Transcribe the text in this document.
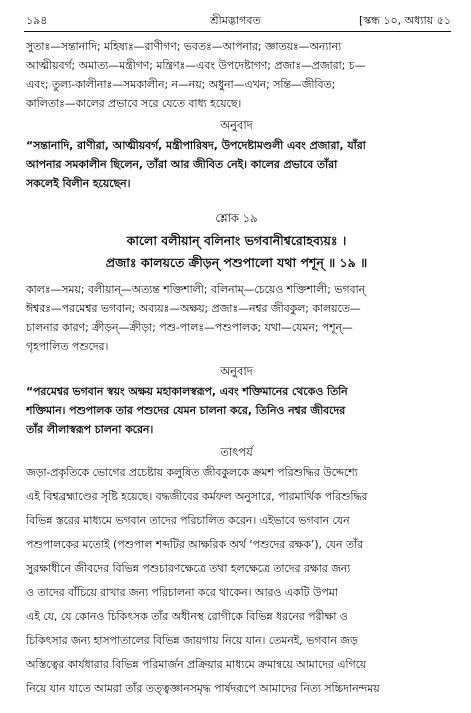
১৯৪	শ্রীমদ্ভাগবত	[স্কন্ধ ১০, অধ্যায় ৫১
সুতাঃ—সন্তানাদি; মহিষ্যঃ—রাণীগণ; ভবতঃ—আপনার; জ্ঞাতয়ঃ—অন্যান্য
আত্মীয়বর্গ; অমাত্য—মন্ত্রীগণ; মন্ত্রিণঃ—এবং উপদেষ্টাগণ; প্রজাঃ—প্রজারা; চ—
এবং; তুল্য-কালীনাঃ—সমকালীন; ন—নয়; অধুনা—এখন; সন্তি—জীবিত;
কালিতাঃ—কালের প্রভাবে সরে যেতে বাধ্য হয়েছে।
অনুবাদ
“সন্তানাদি, রাণীরা, আত্মীয়বর্গ, মন্ত্রীপারিষদ, উপদেষ্টামণ্ডলী এবং প্রজারা, যাঁরা
আপনার সমকালীন ছিলেন, তাঁরা আর জীবিত নেই। কালের প্রভাবে তাঁরা
সকলেই বিলীন হয়েছেন।
শ্লোক ১৯
কালো বলীয়ান্ বলিনাং ভগবানীশ্বরোহব্যয়ঃ ।
প্রজাঃ কালয়তে ক্রীড়ন্ পশুপালো যথা পশূন্ ॥ ১৯ ॥
কালঃ—সময়; বলীয়ান্—অত্যন্ত শক্তিশালী; বলিনাম্—চেয়েও শক্তিশালী; ভগবান্
ঈশ্বরঃ—পরমেশ্বর ভগবান; অব্যয়ঃ—অক্ষয়; প্রজাঃ—নশ্বর জীবকুল; কালয়তে—
চালনার কারণ; ক্রীড়ন্—ক্রীড়া; পশু-পালঃ—পশুপালক; যথা—যেমন; পশূন্—
গৃহপালিত পশুদের।
অনুবাদ
“পরমেশ্বর ভগবান স্বয়ং অক্ষয় মহাকালস্বরূপ, এবং শক্তিমানের থেকেও তিনি
শক্তিমান। পশুপালক তার পশুদের যেমন চালনা করে, তিনিও নশ্বর জীবদের
তাঁর লীলাস্বরূপ চালনা করেন।
তাৎপর্য
জড়া-প্রকৃতিকে ভোগের প্রচেষ্টায় কলুষিত জীবকুলকে ক্রমশ পরিশুদ্ধির উদ্দেশ্যে
এই বিশ্বব্রহ্মাণ্ডের সৃষ্টি হয়েছে। বদ্ধজীবের কর্মফল অনুসারে, পারমার্থিক পরিশুদ্ধির
বিভিন্ন স্তরের মাধ্যমে ভগবান তাদের পরিচালিত করেন। এইভাবে ভগবান যেন
পশুপালকের মতোই (পশুপাল শব্দটির আক্ষরিক অর্থ ‘পশুদের রক্ষক’), যেন তাঁর
সুরক্ষাধীনে জীবদের বিভিন্ন পশুচারণক্ষেত্রে তথা হলক্ষেত্রে তাদের রক্ষার জন্য
ও তাদের বাঁচিয়ে রাখার জন্য পরিচালনা করে থাকেন। আরও একটি উপমা
এই যে, যে কোনও চিকিৎসক তাঁর অধীনস্থ রোগীকে বিভিন্ন ধরনের পরীক্ষা ও
চিকিৎসার জন্য হাসপাতালের বিভিন্ন জায়গায় নিয়ে যান। তেমনই, ভগবান জড়
অস্তিত্বের কার্যধারার বিভিন্ন পরিমার্জন প্রক্রিয়ার মাধ্যমে ক্রমান্বয়ে আমাদের এগিয়ে
নিয়ে যান যাতে আমরা তাঁর তত্ত্বজ্ঞানসমৃদ্ধ পার্ষদরূপে আমাদের নিত্য সচ্চিদানন্দময়
